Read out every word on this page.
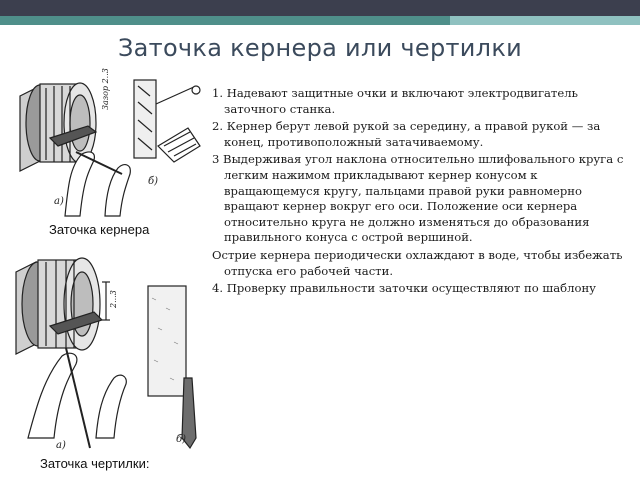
Заточка кернера или чертилки
Зазор 2..3
а)
б)
Заточка кернера
2...3
а)
б)
Заточка чертилки:

1. Надевают защитные очки и включают электродвигатель заточного станка.

2. Кернер берут левой рукой за середину, а правой рукой — за конец, противоположный затачиваемому.

3 Выдерживая угол наклона относительно шлифовального круга с легким нажимом прикладывают кернер конусом к вращающемуся кругу, пальцами правой руки равномерно вращают кернер вокруг его оси. Положение оси кернера относительно круга не должно изменяться до образования правильного конуса с острой вершиной.

Острие кернера периодически охлаждают в воде, чтобы избежать отпуска его рабочей части.

4. Проверку правильности заточки осуществляют по шаблону
